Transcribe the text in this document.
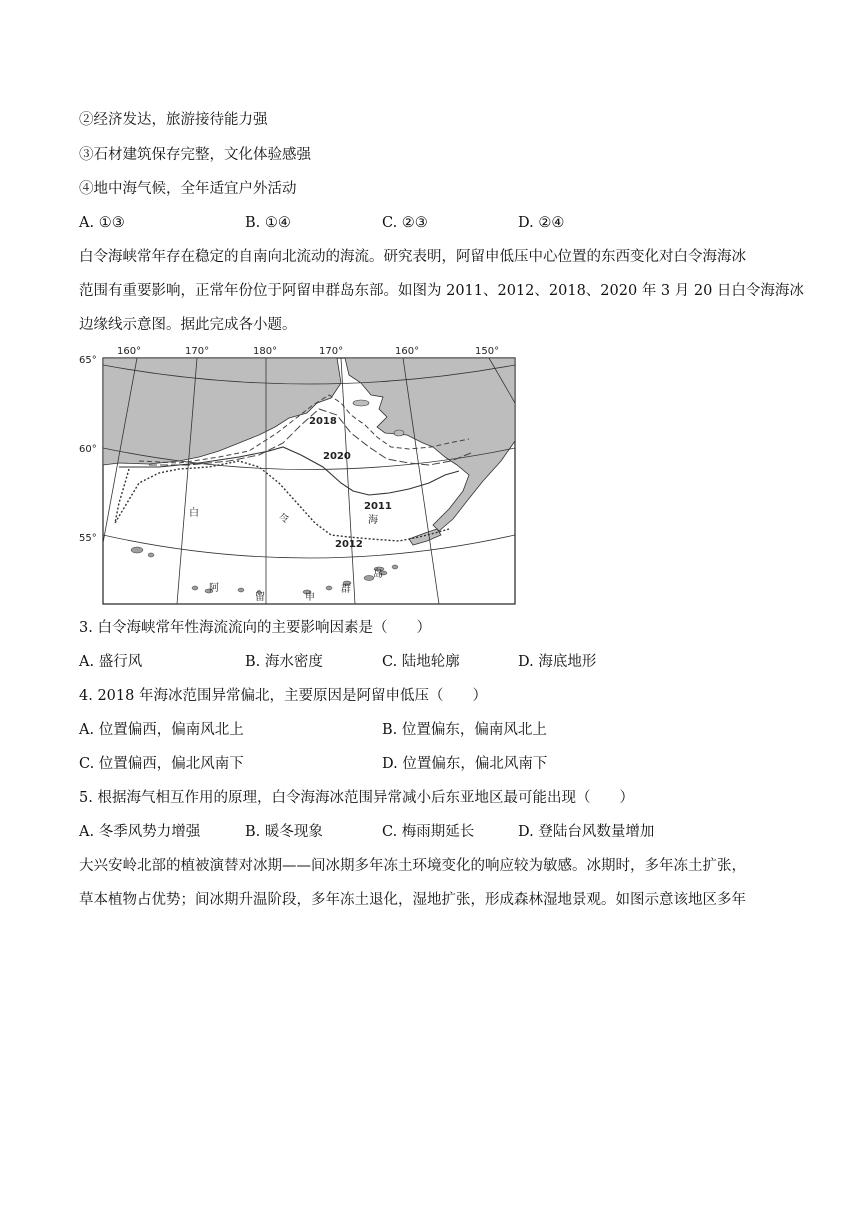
②经济发达，旅游接待能力强
③石材建筑保存完整，文化体验感强
④地中海气候，全年适宜户外活动
A. ①③	B. ①④	C. ②③	D. ②④
白令海峡常年存在稳定的自南向北流动的海流。研究表明，阿留申低压中心位置的东西变化对白令海海冰
范围有重要影响，正常年份位于阿留申群岛东部。如图为 2011、2012、2018、2020 年 3 月 20 日白令海海冰
边缘线示意图。据此完成各小题。
160°	170°	180°	170°	160°	150°
65°
60°
55°
2018
2020
2011
2012
白
令	海
阿
留	申
群
岛
3. 白令海峡常年性海流流向的主要影响因素是（　　）
A. 盛行风	B. 海水密度	C. 陆地轮廓	D. 海底地形
4. 2018 年海冰范围异常偏北，主要原因是阿留申低压（　　）
A. 位置偏西，偏南风北上	B. 位置偏东，偏南风北上
C. 位置偏西，偏北风南下	D. 位置偏东，偏北风南下
5. 根据海气相互作用的原理，白令海海冰范围异常减小后东亚地区最可能出现（　　）
A. 冬季风势力增强	B. 暖冬现象	C. 梅雨期延长	D. 登陆台风数量增加
大兴安岭北部的植被演替对冰期——间冰期多年冻土环境变化的响应较为敏感。冰期时，多年冻土扩张，
草本植物占优势；间冰期升温阶段，多年冻土退化，湿地扩张，形成森林湿地景观。如图示意该地区多年
